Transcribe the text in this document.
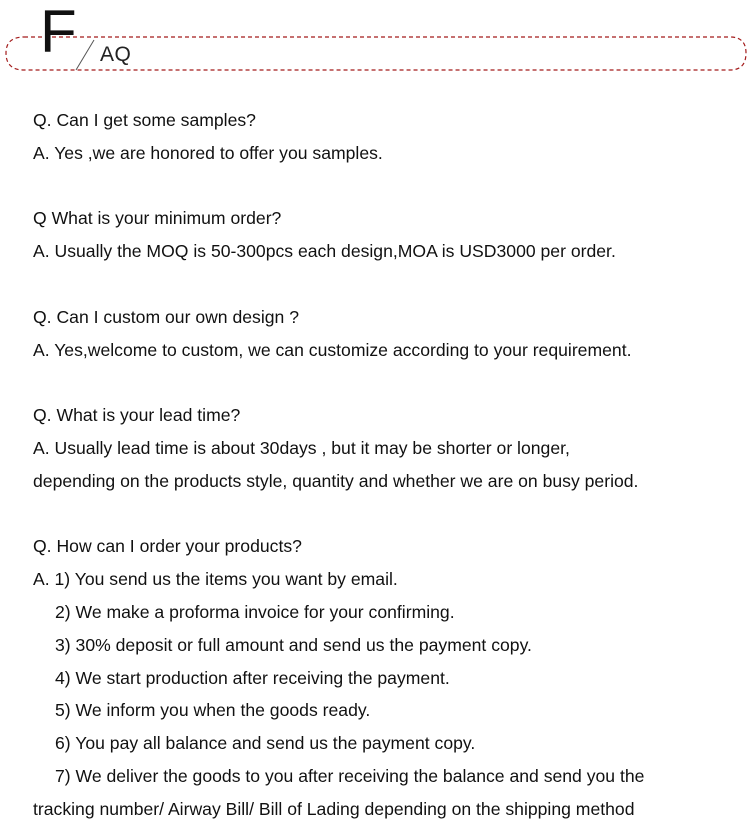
F AQ
Q. Can I get some samples?
A. Yes ,we are honored to offer you samples.
Q What is your minimum order?
A. Usually the MOQ is 50-300pcs each design,MOA is USD3000 per order.
Q. Can I custom our own design ?
A. Yes,welcome to custom, we can customize according to your requirement.
Q. What is your lead time?
A. Usually lead time is about 30days , but it may be shorter or longer,
depending on the products style, quantity and whether we are on busy period.
Q. How can I order your products?
A. 1) You send us the items you want by email.
2) We make a proforma invoice for your confirming.
3) 30% deposit or full amount and send us the payment copy.
4) We start production after receiving the payment.
5) We inform you when the goods ready.
6) You pay all balance and send us the payment copy.
7) We deliver the goods to you after receiving the balance and send you the
tracking number/ Airway Bill/ Bill of Lading depending on the shipping method
